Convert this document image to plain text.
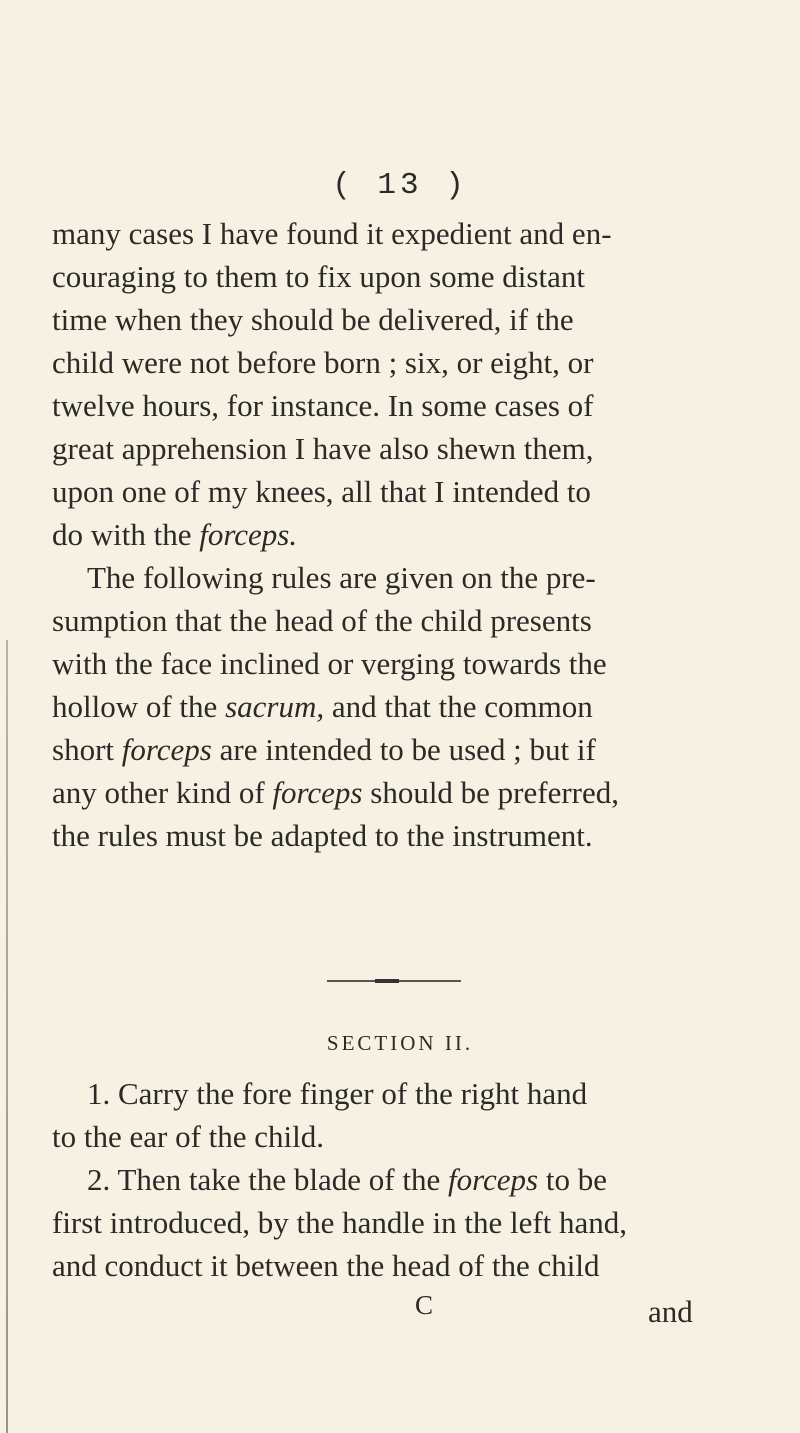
( 13 )
many cases I have found it expedient and en-
couraging to them to fix upon some distant
time when they should be delivered, if the
child were not before born ; six, or eight, or
twelve hours, for instance. In some cases of
great apprehension I have also shewn them,
upon one of my knees, all that I intended to
do with the forceps.
The following rules are given on the pre-
sumption that the head of the child presents
with the face inclined or verging towards the
hollow of the sacrum, and that the common
short forceps are intended to be used ; but if
any other kind of forceps should be preferred,
the rules must be adapted to the instrument.
SECTION II.
1. Carry the fore finger of the right hand
to the ear of the child.
2. Then take the blade of the forceps to be
first introduced, by the handle in the left hand,
and conduct it between the head of the child
C	and
